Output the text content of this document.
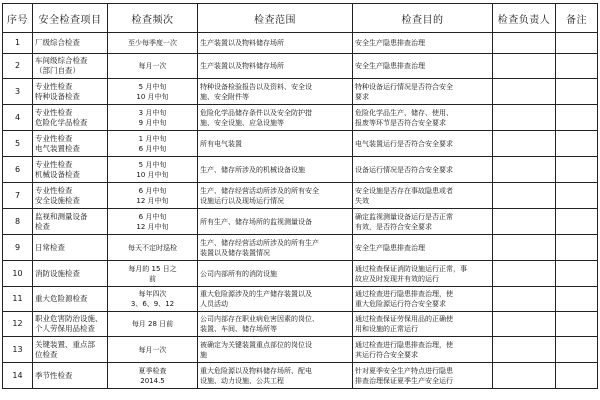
序号	安全检查项目	检查频次	检查范围	检查目的	检查负责人	备注
1	厂级综合检查	至少每季度一次	生产装置以及物料储存场所	安全生产隐患排查治理		

2	车间级综合检查
（部门自查）	每月一次	生产装置以及物料储存场所	安全生产隐患排查治理		

3	专业性检查
特种设备检查	5 月中旬
10 月中旬	特种设备检验报告以及资料、安全设
施、安全附件等	特种设备运行情况是否符合安全
要求		

4	专业性检查
危险化学品检查	3 月中旬
9 月中旬	危险化学品储存条件以及安全防护措
施、安全设施、应急设施等	危险化学品生产、储存、使用、
报废等环节是否符合安全要求		

5	专业性检查
电气装置检查	1 月中旬
6 月中旬	所有电气装置	电气装置运行是否符合安全要求		

6	专业性检查
机械设备检查	5 月中旬
10 月中旬	生产、储存所涉及的机械设备设施	设备运行情况是否符合安全要求		

7	专业性检查
安全设施检查	6 月中旬
12 月中旬	生产、储存经营活动所涉及的所有安全
设施运行以及现场运行情况	安全设施是否存在事故隐患或者
失效		

8	监视和测量设备
检查	6 月中旬
12 月中旬	所有生产、储存场所的监视测量设备	确定监视测量设备运行是否正常
有效，是否符合安全要求		

9	日常检查	每天不定时巡检	生产、储存经营活动所涉及的所有生产
装置以及储存装置情况	安全生产隐患排查治理		

10	消防设施检查	每月的 15 日之
前	公司内部所有的消防设施	通过检查保证消防设施运行正常，事
故应及时发现并有效的运行		

11	重大危险源检查	每年四次
3、6、9、12	重大危险源涉及的生产储存装置以及
人员活动	通过检查进行隐患排查治理，使
重大危险源运行符合安全要求		

12	职业危害防治设施、
个人劳保用品检查	每月 28 日前	公司内部存在职业病危害因素的岗位、
装置、车间、储存场所等	通过检查保证劳保用品的正确使
用和设施的正常运行		

13	关键装置、重点部
位检查	每月一次	被确定为关键装置重点部位的岗位设
施	通过检查进行隐患排查治理，使
其运行符合安全要求		

14	季节性检查	夏季检查
2014.5	重大危险源以及物料储存场所、配电
设施、动力设施、公共工程	针对夏季安全生产特点进行隐患
排查治理保证夏季生产安全运行		
